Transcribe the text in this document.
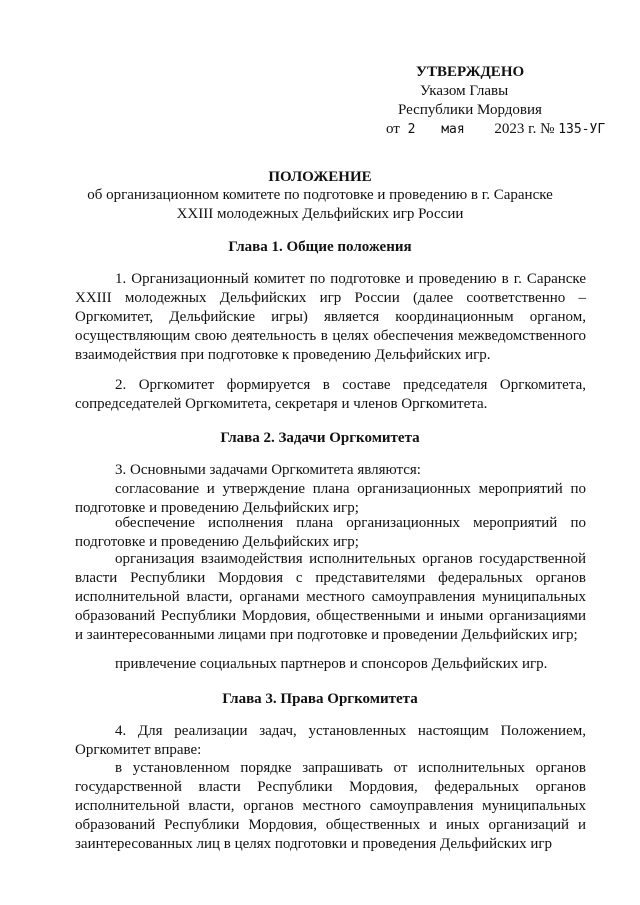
УТВЕРЖДЕНО
Указом Главы
Республики Мордовия
от 2 мая 2023 г. № 135-УГ
ПОЛОЖЕНИЕ
об организационном комитете по подготовке и проведению в г. Саранске
XXIII молодежных Дельфийских игр России
Глава 1. Общие положения
1. Организационный комитет по подготовке и проведению в г. Саранске XXIII молодежных Дельфийских игр России (далее соответственно – Оргкомитет, Дельфийские игры) является координационным органом, осуществляющим свою деятельность в целях обеспечения межведомственного взаимодействия при подготовке к проведению Дельфийских игр.
2. Оргкомитет формируется в составе председателя Оргкомитета, сопредседателей Оргкомитета, секретаря и членов Оргкомитета.
Глава 2. Задачи Оргкомитета
3. Основными задачами Оргкомитета являются:
согласование и утверждение плана организационных мероприятий по подготовке и проведению Дельфийских игр;
обеспечение исполнения плана организационных мероприятий по подготовке и проведению Дельфийских игр;
организация взаимодействия исполнительных органов государственной власти Республики Мордовия с представителями федеральных органов исполнительной власти, органами местного самоуправления муниципальных образований Республики Мордовия, общественными и иными организациями и заинтересованными лицами при подготовке и проведении Дельфийских игр;
привлечение социальных партнеров и спонсоров Дельфийских игр.
Глава 3. Права Оргкомитета
4. Для реализации задач, установленных настоящим Положением, Оргкомитет вправе:
в установленном порядке запрашивать от исполнительных органов государственной власти Республики Мордовия, федеральных органов исполнительной власти, органов местного самоуправления муниципальных образований Республики Мордовия, общественных и иных организаций и заинтересованных лиц в целях подготовки и проведения Дельфийских игр
